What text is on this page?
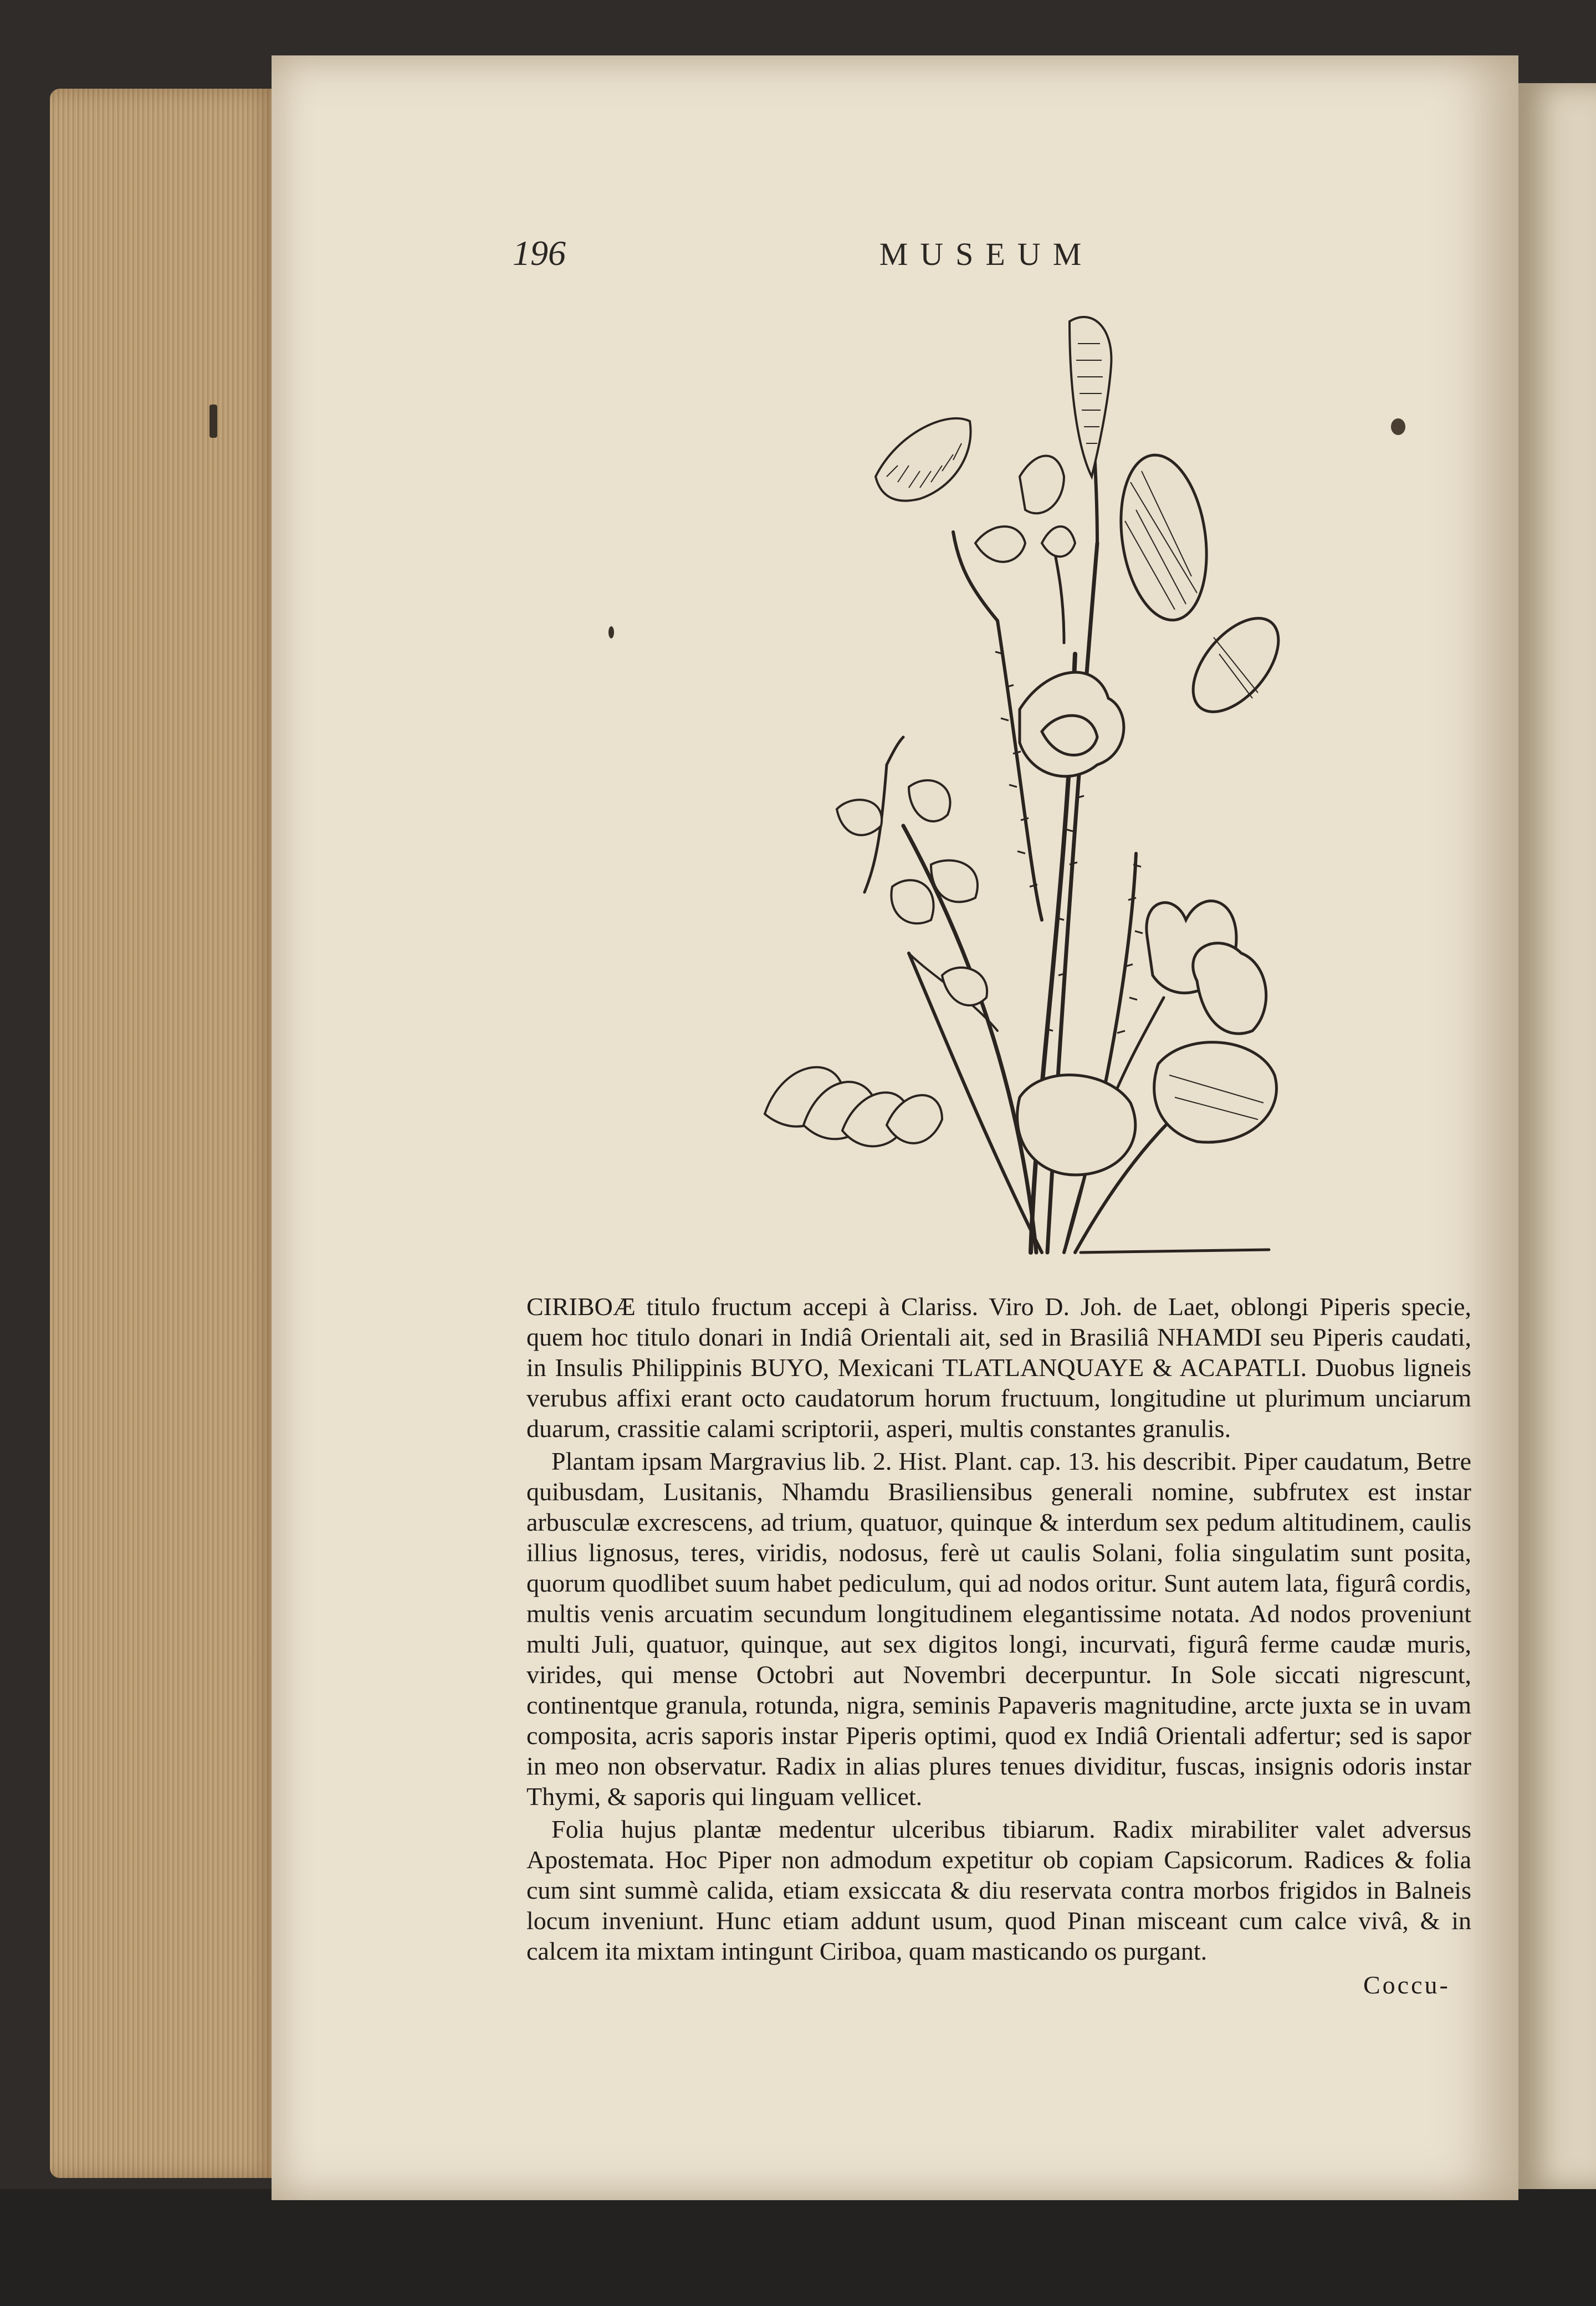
196	MUSEUM

CIRIBOÆ titulo fructum accepi à Clariss. Viro D. Joh. de Laet, oblongi Piperis specie, quem hoc titulo donari in Indiâ Orientali ait, sed in Brasiliâ NHAMDI seu Piperis caudati, in Insulis Philippinis BUYO, Mexicani TLATLANQUAYE & ACAPATLI. Duobus ligneis verubus affixi erant octo caudatorum horum fructuum, longitudine ut plurimum unciarum duarum, crassitie calami scriptorii, asperi, multis constantes granulis.

Plantam ipsam Margravius lib. 2. Hist. Plant. cap. 13. his describit. Piper caudatum, Betre quibusdam, Lusitanis, Nhamdu Brasiliensibus generali nomine, subfrutex est instar arbusculæ excrescens, ad trium, quatuor, quinque & interdum sex pedum altitudinem, caulis illius lignosus, teres, viridis, nodosus, ferè ut caulis Solani, folia singulatim sunt posita, quorum quodlibet suum habet pediculum, qui ad nodos oritur. Sunt autem lata, figurâ cordis, multis venis arcuatim secundum longitudinem elegantissime notata. Ad nodos proveniunt multi Juli, quatuor, quinque, aut sex digitos longi, incurvati, figurâ ferme caudæ muris, virides, qui mense Octobri aut Novembri decerpuntur. In Sole siccati nigrescunt, continentque granula, rotunda, nigra, seminis Papaveris magnitudine, arcte juxta se in uvam composita, acris saporis instar Piperis optimi, quod ex Indiâ Orientali adfertur; sed is sapor in meo non observatur. Radix in alias plures tenues dividitur, fuscas, insignis odoris instar Thymi, & saporis qui linguam vellicet.

Folia hujus plantæ medentur ulceribus tibiarum. Radix mirabiliter valet adversus Apostemata. Hoc Piper non admodum expetitur ob copiam Capsicorum. Radices & folia cum sint summè calida, etiam exsiccata & diu reservata contra morbos frigidos in Balneis locum inveniunt. Hunc etiam addunt usum, quod Pinan misceant cum calce vivâ, & in calcem ita mixtam intingunt Ciriboa, quam masticando os purgant.

Coccu-
